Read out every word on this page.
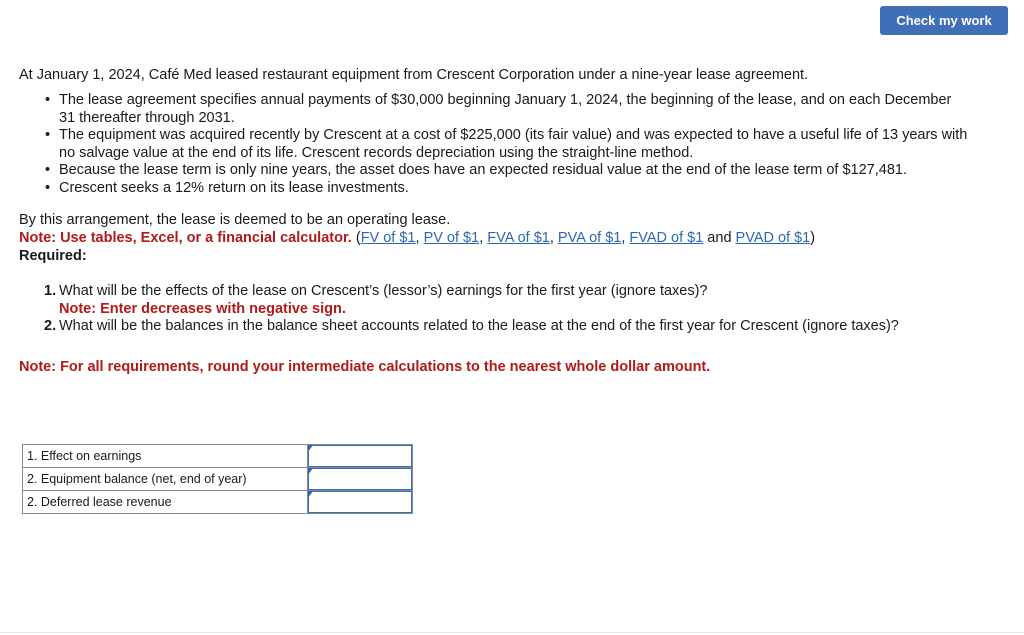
Check my work

At January 1, 2024, Café Med leased restaurant equipment from Crescent Corporation under a nine-year lease agreement.

• The lease agreement specifies annual payments of $30,000 beginning January 1, 2024, the beginning of the lease, and on each December 31 thereafter through 2031.
• The equipment was acquired recently by Crescent at a cost of $225,000 (its fair value) and was expected to have a useful life of 13 years with no salvage value at the end of its life. Crescent records depreciation using the straight-line method.
• Because the lease term is only nine years, the asset does have an expected residual value at the end of the lease term of $127,481.
• Crescent seeks a 12% return on its lease investments.

By this arrangement, the lease is deemed to be an operating lease.

Note: Use tables, Excel, or a financial calculator. (FV of $1, PV of $1, FVA of $1, PVA of $1, FVAD of $1 and PVAD of $1)

Required:

1. What will be the effects of the lease on Crescent’s (lessor’s) earnings for the first year (ignore taxes)?
Note: Enter decreases with negative sign.
2. What will be the balances in the balance sheet accounts related to the lease at the end of the first year for Crescent (ignore taxes)?

Note: For all requirements, round your intermediate calculations to the nearest whole dollar amount.

1. Effect on earnings	

2. Equipment balance (net, end of year)	

2. Deferred lease revenue	
